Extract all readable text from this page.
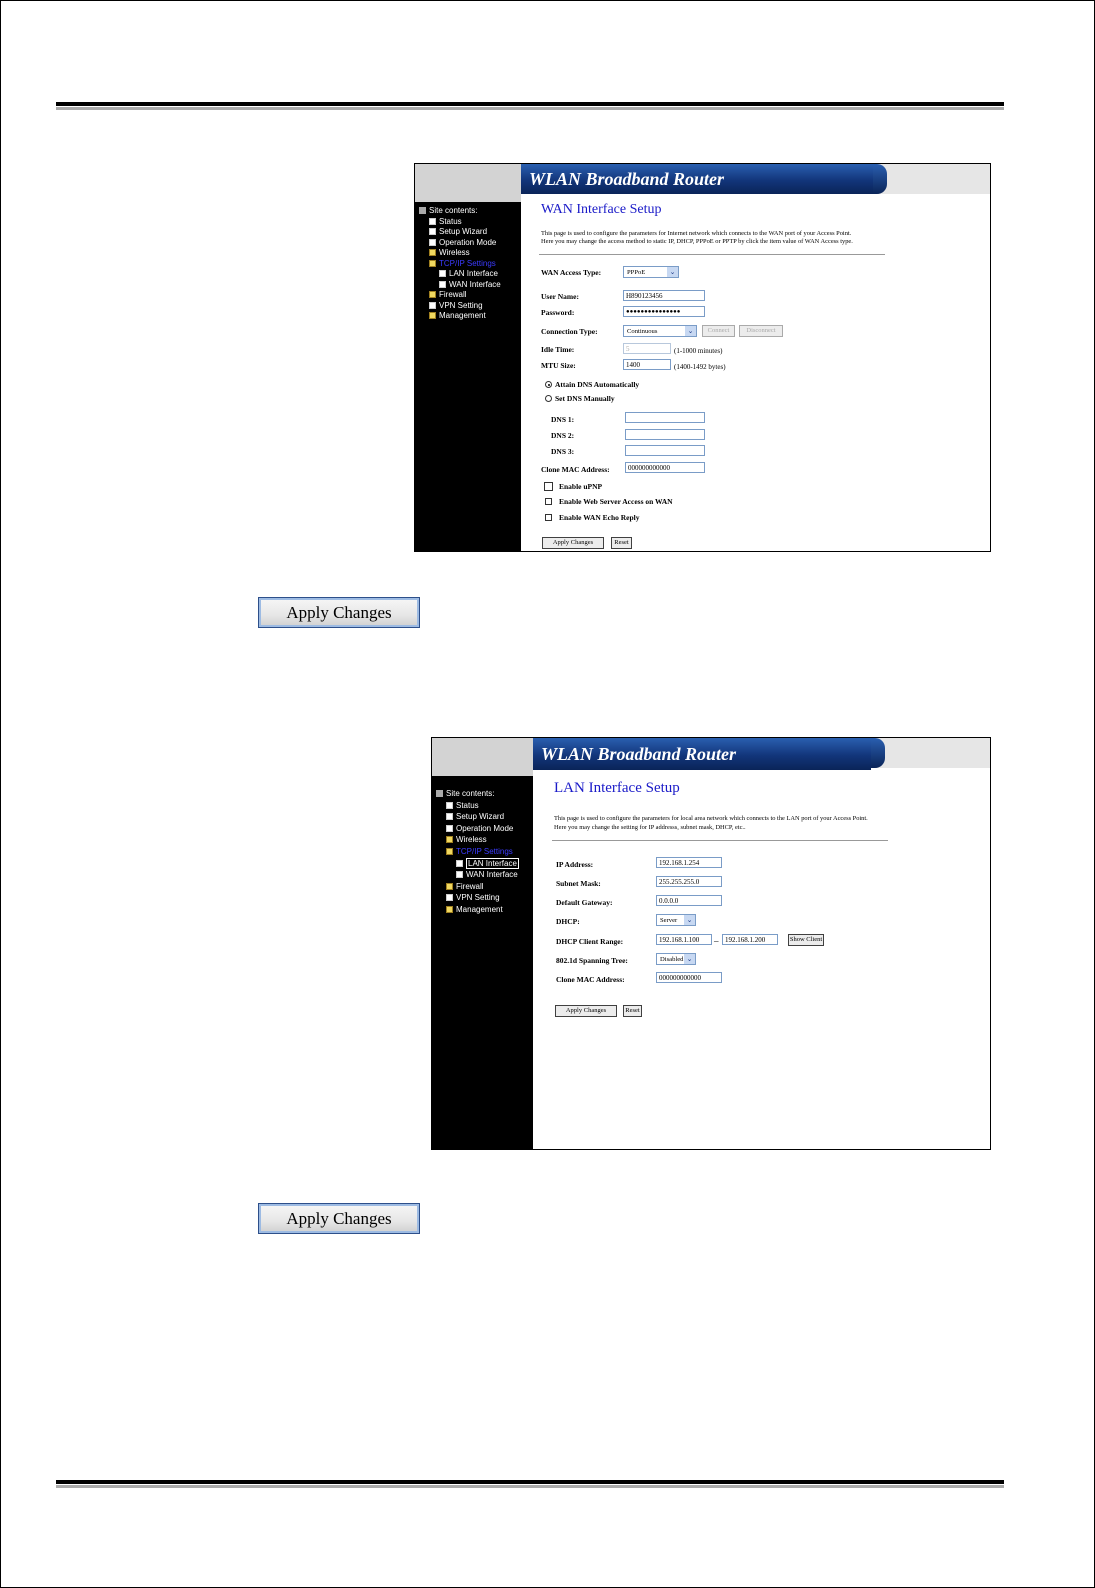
Site contents:
Status
Setup Wizard
Operation Mode
Wireless
TCP/IP Settings
LAN Interface
WAN Interface
Firewall
VPN Setting
Management
WLAN Broadband Router
WAN Interface Setup
This page is used to configure the parameters for Internet network which connects to the WAN port of your Access Point.
Here you may change the access method to static IP, DHCP, PPPoE or PPTP by click the item value of WAN Access type.
WAN Access Type:	PPPoE	⌄
User Name:	H890123456
Password:	●●●●●●●●●●●●●●●
Connection Type:	Continuous	⌄	Connect	Disconnect
Idle Time:	5	(1-1000 minutes)
MTU Size:	1400	(1400-1492 bytes)
Attain DNS Automatically
Set DNS Manually
DNS 1:
DNS 2:
DNS 3:
Clone MAC Address:	000000000000
Enable uPNP
Enable Web Server Access on WAN
Enable WAN Echo Reply
Apply Changes	Reset
Apply Changes
Site contents:
Status
Setup Wizard
Operation Mode
Wireless
TCP/IP Settings
LAN Interface
WAN Interface
Firewall
VPN Setting
Management
WLAN Broadband Router
LAN Interface Setup
This page is used to configure the parameters for local area network which connects to the LAN port of your Access Point.
Here you may change the setting for IP addresss, subnet mask, DHCP, etc..
IP Address:	192.168.1.254
Subnet Mask:	255.255.255.0
Default Gateway:	0.0.0.0
DHCP:	Server	⌄
DHCP Client Range:	192.168.1.100	– 192.168.1.200	Show Client
802.1d Spanning Tree:	Disabled ⌄
Clone MAC Address:	000000000000
Apply Changes	Reset
Apply Changes
